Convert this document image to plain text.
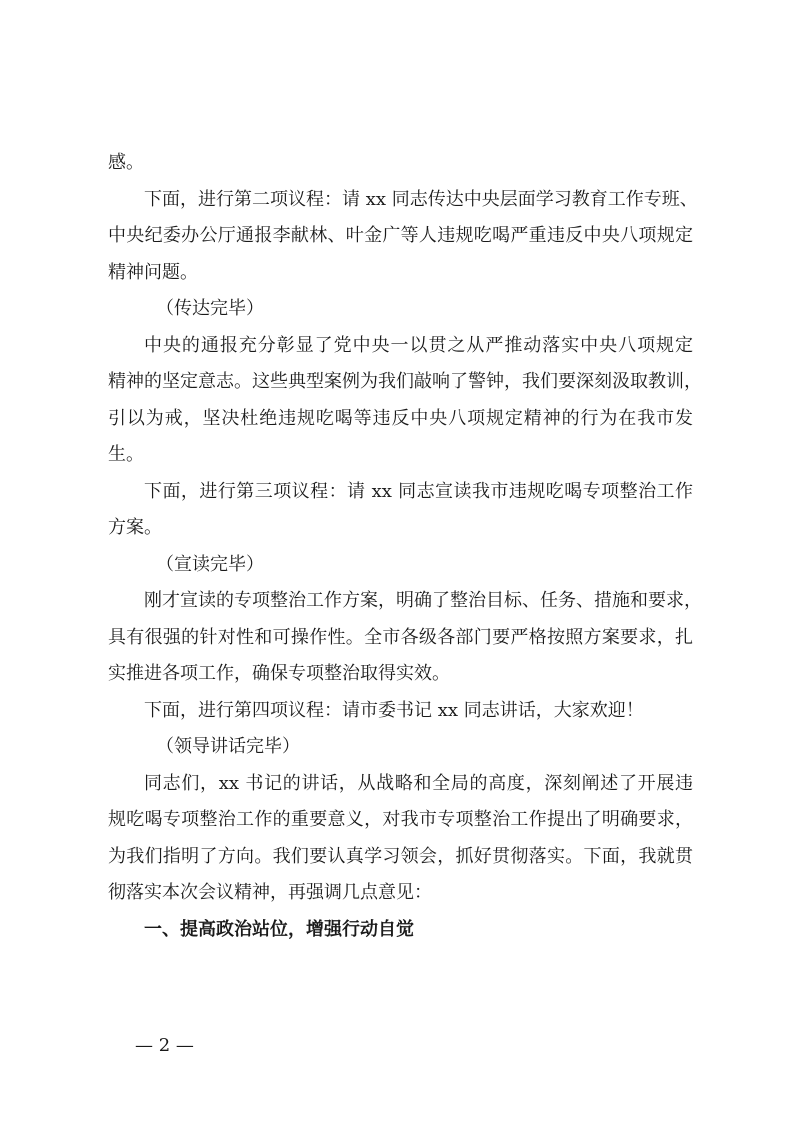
感。
下面，进行第二项议程：请 xx 同志传达中央层面学习教育工作专班、
中央纪委办公厅通报李献林、叶金广等人违规吃喝严重违反中央八项规定
精神问题。
（传达完毕）
中央的通报充分彰显了党中央一以贯之从严推动落实中央八项规定
精神的坚定意志。这些典型案例为我们敲响了警钟，我们要深刻汲取教训，
引以为戒，坚决杜绝违规吃喝等违反中央八项规定精神的行为在我市发
生。
下面，进行第三项议程：请 xx 同志宣读我市违规吃喝专项整治工作
方案。
（宣读完毕）
刚才宣读的专项整治工作方案，明确了整治目标、任务、措施和要求，
具有很强的针对性和可操作性。全市各级各部门要严格按照方案要求，扎
实推进各项工作，确保专项整治取得实效。
下面，进行第四项议程：请市委书记 xx 同志讲话，大家欢迎！
（领导讲话完毕）
同志们，xx 书记的讲话，从战略和全局的高度，深刻阐述了开展违
规吃喝专项整治工作的重要意义，对我市专项整治工作提出了明确要求，
为我们指明了方向。我们要认真学习领会，抓好贯彻落实。下面，我就贯
彻落实本次会议精神，再强调几点意见：
一、提高政治站位，增强行动自觉
— 2 —
